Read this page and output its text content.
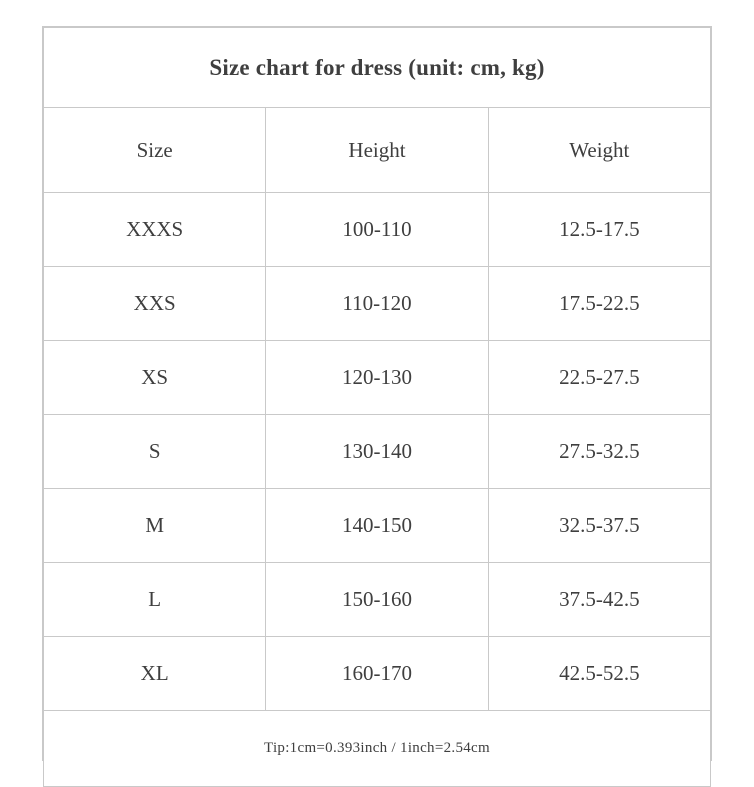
Size chart for dress (unit: cm, kg)		
Size	Height	Weight
XXXS	100-110	12.5-17.5
XXS	110-120	17.5-22.5
XS	120-130	22.5-27.5
S	130-140	27.5-32.5
M	140-150	32.5-37.5
L	150-160	37.5-42.5
XL	160-170	42.5-52.5
Tip:1cm=0.393inch / 1inch=2.54cm		
